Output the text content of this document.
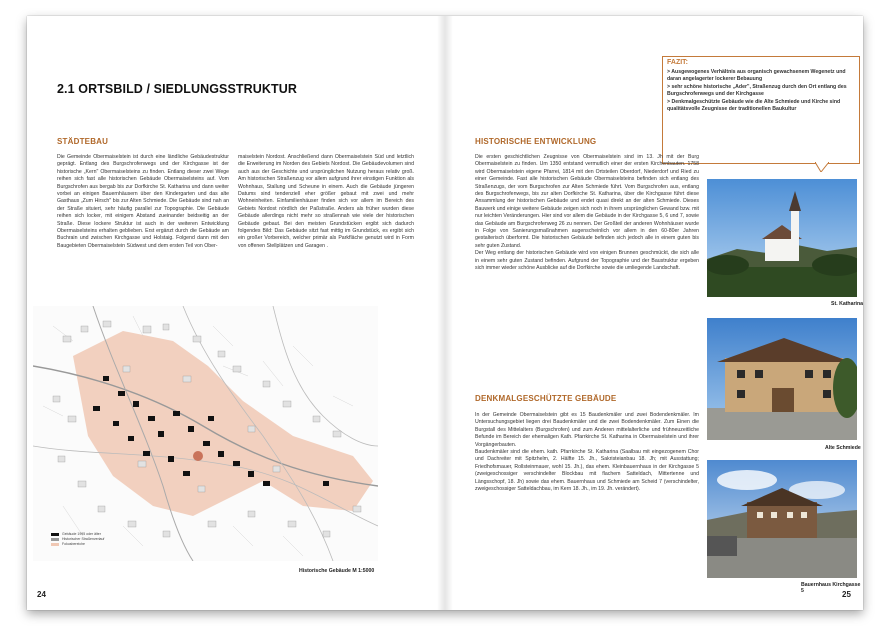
2.1 ORTSBILD / SIEDLUNGSSTRUKTUR
STÄDTEBAU
Die Gemeinde Obermaiselstein ist durch eine ländliche Gebäudestruktur geprägt. Entlang des Burgschrofenwegs und der Kirchgasse ist der historische „Kern" Obermaiselsteins zu finden. Entlang dieser zwei Wege reihen sich fast alle historischen Gebäude Obermaiselsteins auf. Vom Burgschrofen aus bergab bis zur Dorfkirche St. Katharina und dann weiter vorbei an einigen Bauernhäusern über den Kindergarten und das alte Gasthaus „Zum Hirsch" bis zur Alten Schmiede. Die Gebäude sind nah an der Straße situiert, sehr häufig parallel zur Topographie. Die Gebäude reihen sich locker, mit einigem Abstand zueinander beidseitig an der Straße. Diese lockere Struktur ist auch in der weiteren Entwicklung Obermaiselsteins erhalten geblieben. Erst ergänzt durch die Gebäude am Buchrain und zwischen Kirchgasse und Holstaig. Folgend dann mit den Baugebieten Obermaiselstein Südwest und dem ersten Teil von Ober-
maiselstein Nordost. Anschließend dann Obermaiselstein Süd und letztlich die Erweiterung im Norden des Gebiets Nordost. Die Gebäudevolumen sind auch aus der Geschichte und ursprünglichen Nutzung heraus relativ groß. Am historischen Straßenzug vor allem aufgrund ihrer einstigen Funktion als Wohnhaus, Stallung und Scheune in einem. Auch die Gebäude jüngeren Datums sind tendenziell eher größer gebaut mit zwei und mehr Wohneinheiten. Einfamilienhäuser finden sich vor allem im Bereich des Gebiets Nordost nördlich der Paßstraße. Anders als früher wurden diese Gebäude allerdings nicht mehr so straßennah wie viele der historischen Gebäude gebaut. Bei den meisten Grundstücken ergibt sich dadurch folgendes Bild: Das Gebäude sitzt fast mittig im Grundstück, es ergibt sich ein großer Vorbereich, welcher primär als Parkfläche genutzt wird in Form von offenen Stellplätzen und Garagen .
Gebäude 1995 oder älter
Historischer Straßenverlauf
Fokusbereiche
Historische Gebäude M 1:5000
24
FAZIT:
> Ausgewogenes Verhältnis aus organisch gewachsenem Wegenetz und daran angelagerter lockerer Bebauung
> sehr schöne historische „Ader", Straßenzug durch den Ort entlang des Burgschrofenwegs und der Kirchgasse
> Denkmalgeschützte Gebäude wie die Alte Schmiede und Kirche sind qualitätsvolle Zeugnisse der traditionellen Baukultur
HISTORISCHE ENTWICKLUNG

Die ersten geschichtlichen Zeugnisse von Obermaiselstein sind im 13. Jh mit der Burg Obermaiselstein zu finden. Um 1350 entstand vermutlich einer der ersten Kirchenbauten. 1758 wird Obermaiselstein eigene Pfarrei, 1814 mit den Ortsteilen Oberdorf, Niederdorf und Ried zu einer Gemeinde. Fast alle historischen Gebäude Obermaiselsteins befinden sich entlang des Straßenzugs, der vom Burgschrofen zur Alten Schmiede führt. Vom Burgschrofen aus, entlang des Burgschrofenwegs, bis zur alten Dorfkirche St. Katharina, über die Kirchgasse führt diese Ansammlung der historischen Gebäude und endet quasi direkt an der alten Schmiede. Dieses Bauwerk und einige weitere Gebäude zeigen sich noch in ihrem ursprünglichen Gewand bzw. mit nur leichten Veränderungen. Hier sind vor allem die Gebäude in der Kirchgasse 5, 6 und 7, sowie das Gebäude am Burgschrofenweg 26 zu nennen. Der Großteil der anderen Wohnhäuser wurde in Folge von Sanierungsmaßnahmen augenscheinlich vor allem in den 60-80er Jahren gestalterisch überformt. Die historischen Gebäude befinden sich jedoch alle in einem guten bis sehr guten Zustand.

Der Weg entlang der historischen Gebäude wird von einigen Brunnen geschmückt, die sich alle in einem sehr guten Zustand befinden. Aufgrund der Topographie und der Baustruktur ergeben sich immer wieder schöne Ausblicke auf die Dorfkirche sowie die umliegende Landschaft.

DENKMALGESCHÜTZTE GEBÄUDE

In der Gemeinde Obermaiselstein gibt es 15 Baudenkmäler und zwei Bodendenkmäler. Im Untersuchungsgebiet liegen drei Baudenkmäler und die zwei Bodendenkmäler. Zum Einen die Burgstall des Mittelalters (Burgschrofen) und zum Anderen mittelalterliche und frühneuzeitliche Befunde im Bereich der ehemaligen Kath. Pfarrkirche St. Katharina in Obermaiselstein und ihrer Vorgängerbauten.

Baudenkmäler sind die ehem. kath. Pfarrkirche St. Katharina (Saalbau mit eingezogenem Chor und Dachreiter mit Spitzhelm, 2. Hälfte 15. Jh., Sakristeianbau 18. Jh; mit Ausstattung; Friedhofsmauer, Rollsteinmauer, wohl 15. Jh.), das ehem. Kleinbauernhaus in der Kirchgasse 5 (zweigeschossiger verschindelter Blockbau mit flachem Satteldach, Mittertenne und Längsschopf, 18. Jh) sowie das ehem. Bauernhaus und Schmiede am Scheid 7 (verschindelter, zweigeschossiger Satteldachbau, im Kern 18. Jh., im 19. Jh. verändert).

St. Katharina
Alte Schmiede
Bauernhaus Kirchgasse 5	25
